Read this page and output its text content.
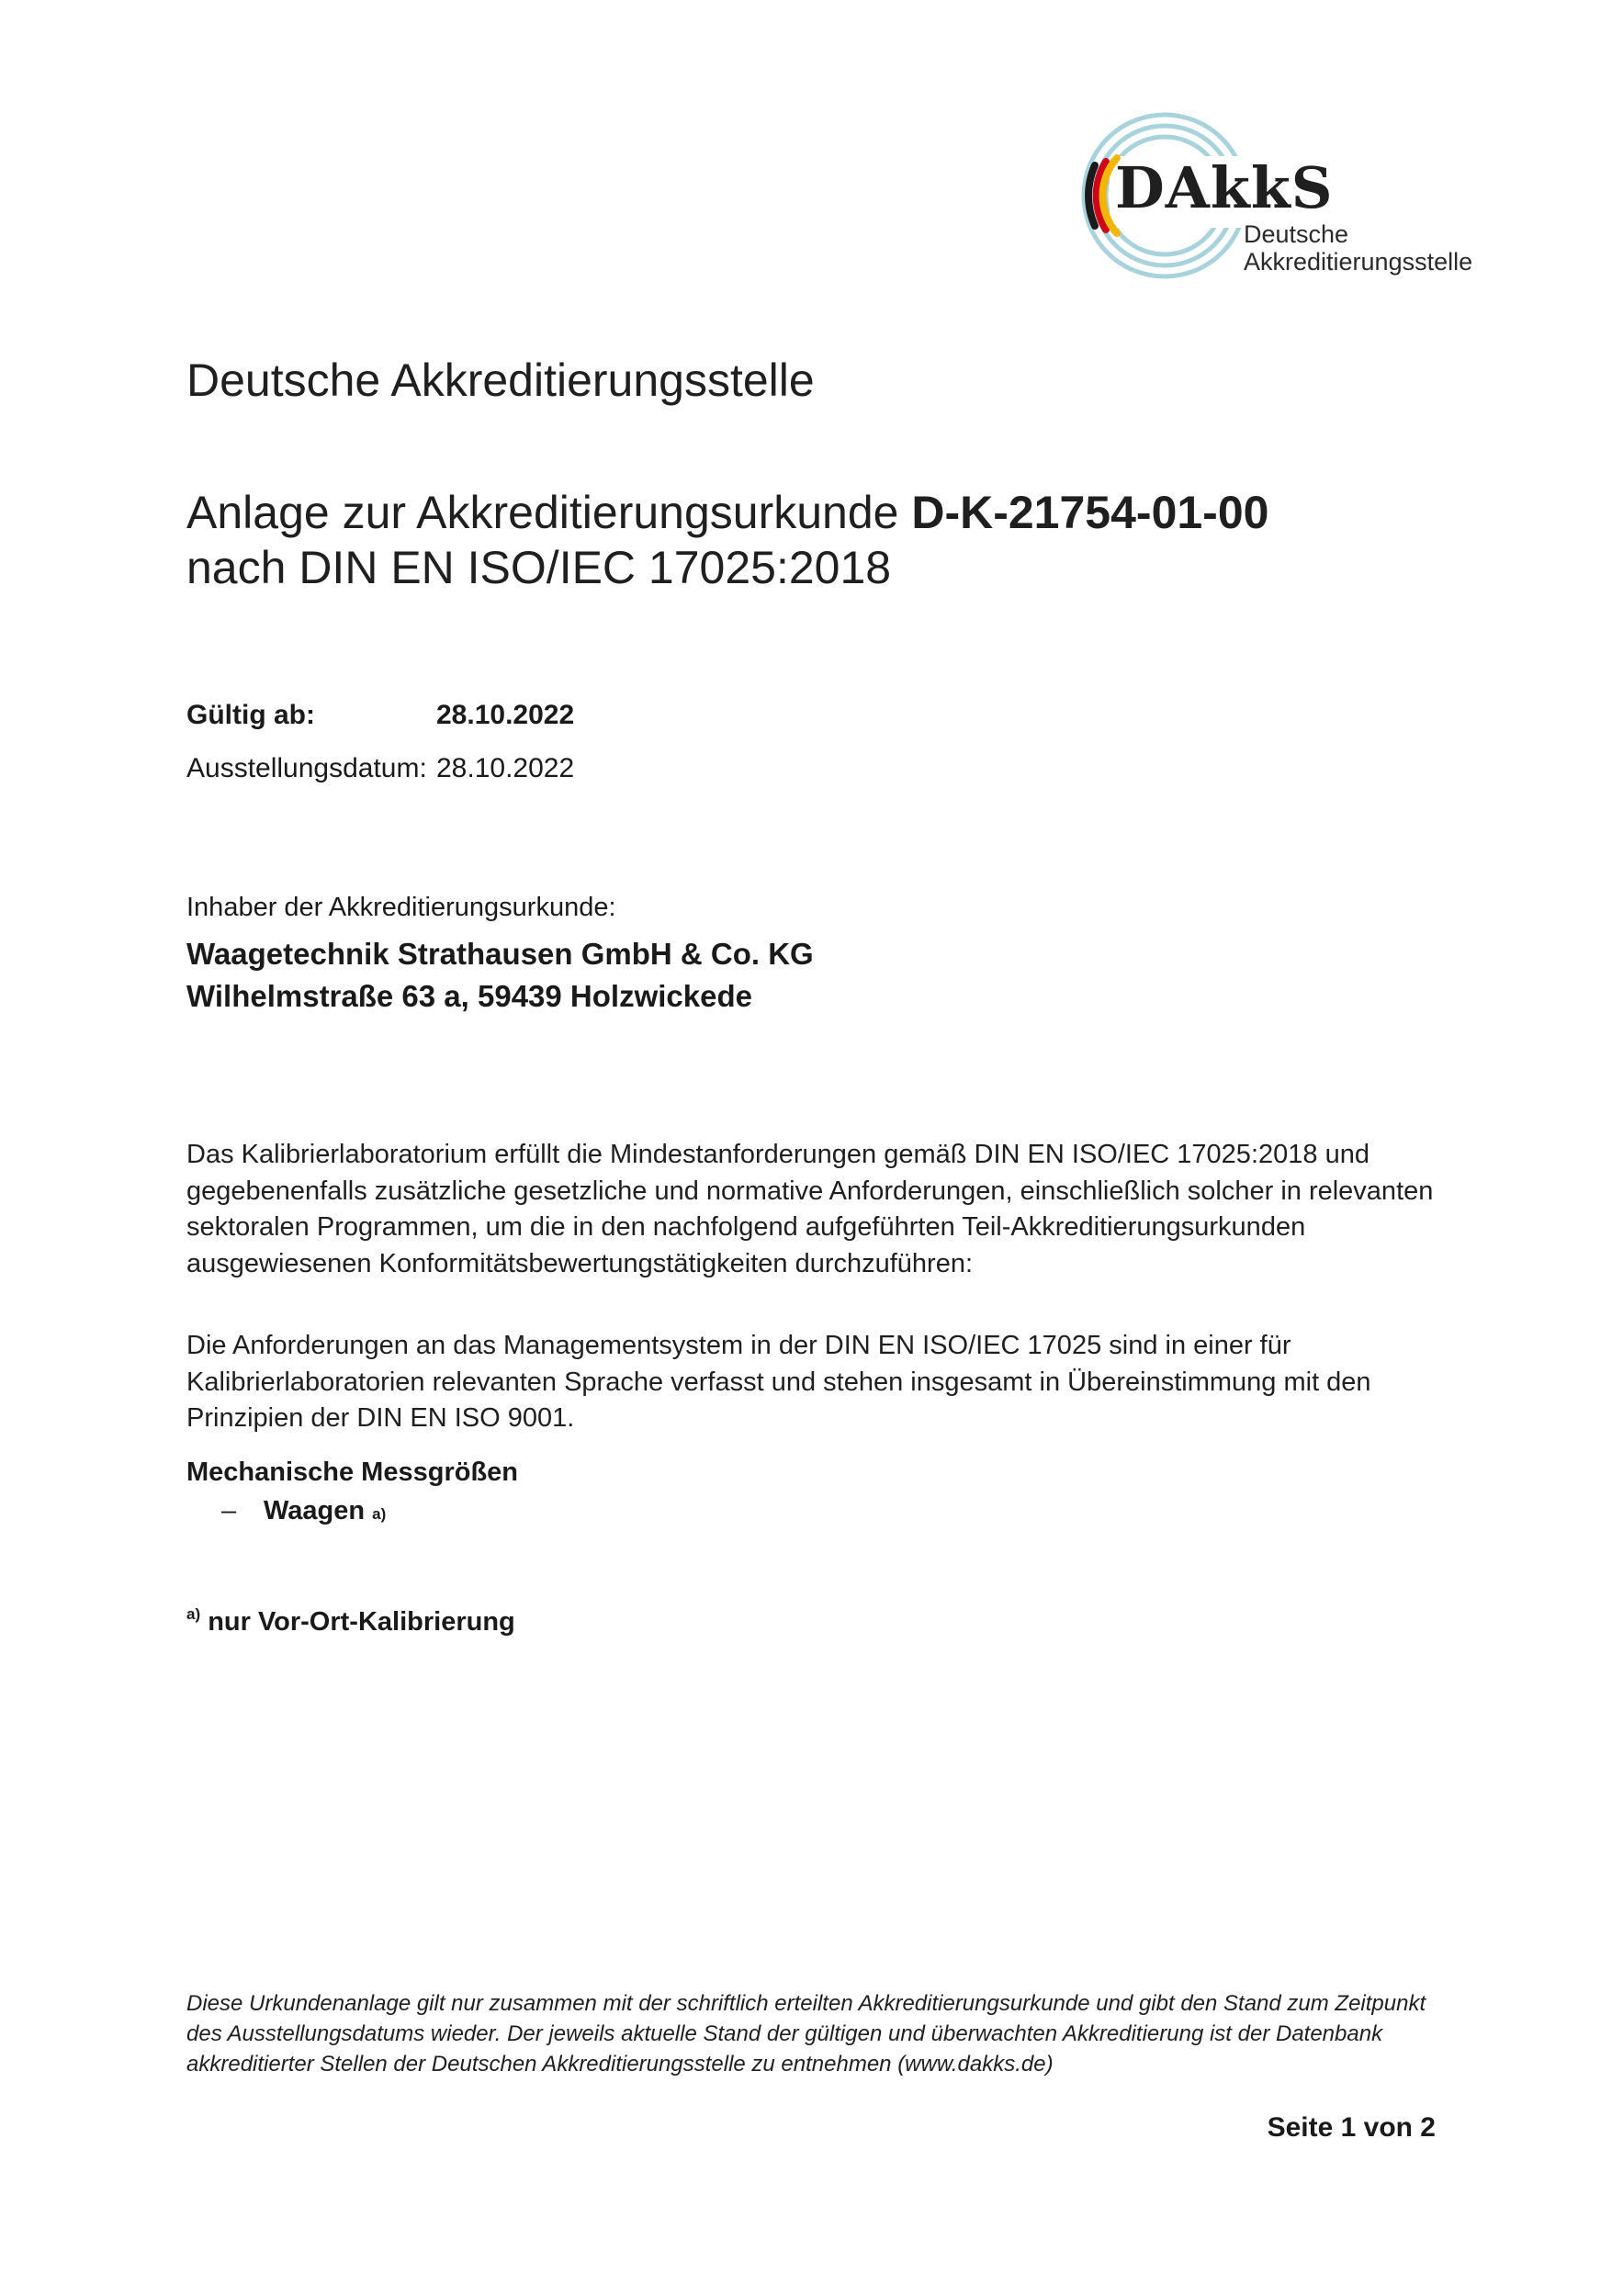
DAkkS
Deutsche
Akkreditierungsstelle
Deutsche Akkreditierungsstelle
Anlage zur Akkreditierungsurkunde D-K-21754-01-00
nach DIN EN ISO/IEC 17025:2018
Gültig ab:	28.10.2022
Ausstellungsdatum: 28.10.2022
Inhaber der Akkreditierungsurkunde:
Waagetechnik Strathausen GmbH & Co. KG
Wilhelmstraße 63 a, 59439 Holzwickede
Das Kalibrierlaboratorium erfüllt die Mindestanforderungen gemäß DIN EN ISO/IEC 17025:2018 und gegebenenfalls zusätzliche gesetzliche und normative Anforderungen, einschließlich solcher in relevanten sektoralen Programmen, um die in den nachfolgend aufgeführten Teil-Akkreditierungsurkunden ausgewiesenen Konformitätsbewertungstätigkeiten durchzuführen:
Die Anforderungen an das Managementsystem in der DIN EN ISO/IEC 17025 sind in einer für Kalibrierlaboratorien relevanten Sprache verfasst und stehen insgesamt in Übereinstimmung mit den Prinzipien der DIN EN ISO 9001.
Mechanische Messgrößen
–	Waagen
a)
$^{a)}$ nur Vor-Ort-Kalibrierung
Diese Urkundenanlage gilt nur zusammen mit der schriftlich erteilten Akkreditierungsurkunde und gibt den Stand zum Zeitpunkt des Ausstellungsdatums wieder. Der jeweils aktuelle Stand der gültigen und überwachten Akkreditierung ist der Datenbank akkreditierter Stellen der Deutschen Akkreditierungsstelle zu entnehmen (www.dakks.de)
Seite 1 von 2
